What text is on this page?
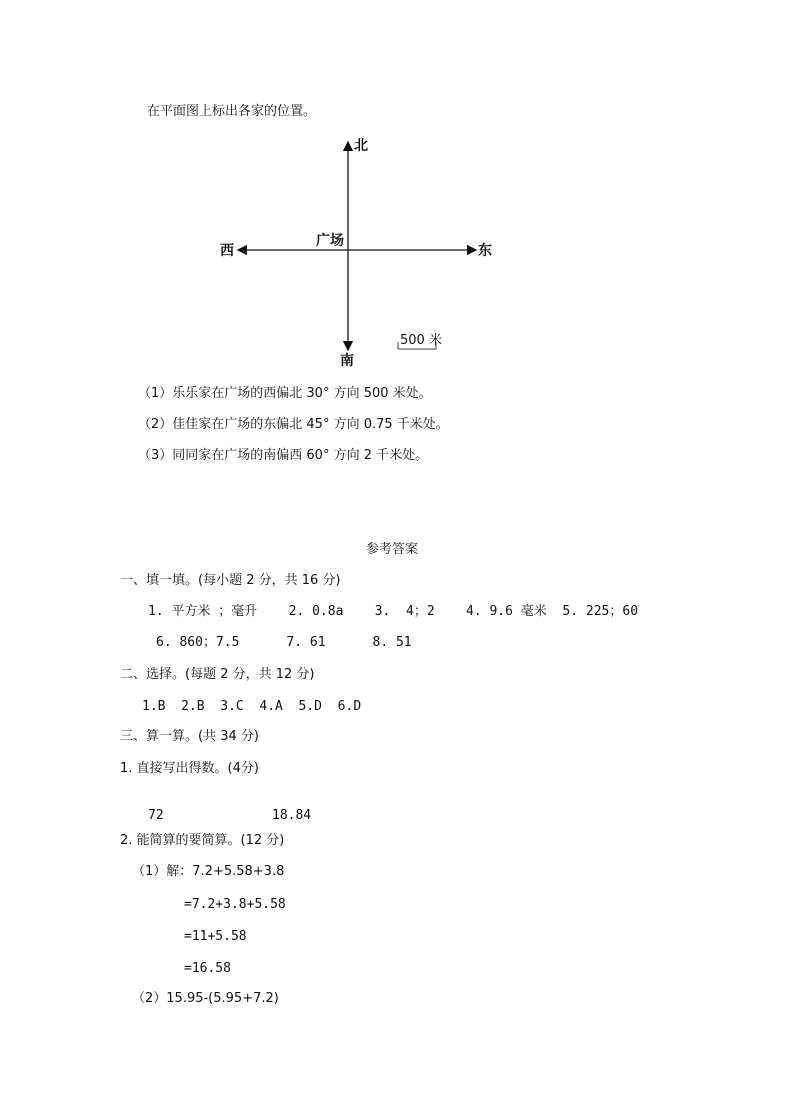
在平面图上标出各家的位置。
北
南
东
西
广场
500 米
（1）乐乐家在广场的西偏北 30° 方向 500 米处。
（2）佳佳家在广场的东偏北 45° 方向 0.75 千米处。
（3）同同家在广场的南偏西 60° 方向 2 千米处。
参考答案
一、填一填。(每小题 2 分，共 16 分)
1. 平方米 ；毫升    2. 0.8a    3.  4；2    4. 9.6 毫米  5. 225；60
6. 860；7.5      7. 61      8. 51
二、选择。(每题 2 分，共 12 分)
1.B  2.B  3.C  4.A  5.D  6.D
三、算一算。(共 34 分)
1. 直接写出得数。(4分)
72	18.84
2. 能简算的要简算。(12 分)
（1）解：7.2+5.58+3.8
=7.2+3.8+5.58
=11+5.58
=16.58
（2）15.95-(5.95+7.2)
